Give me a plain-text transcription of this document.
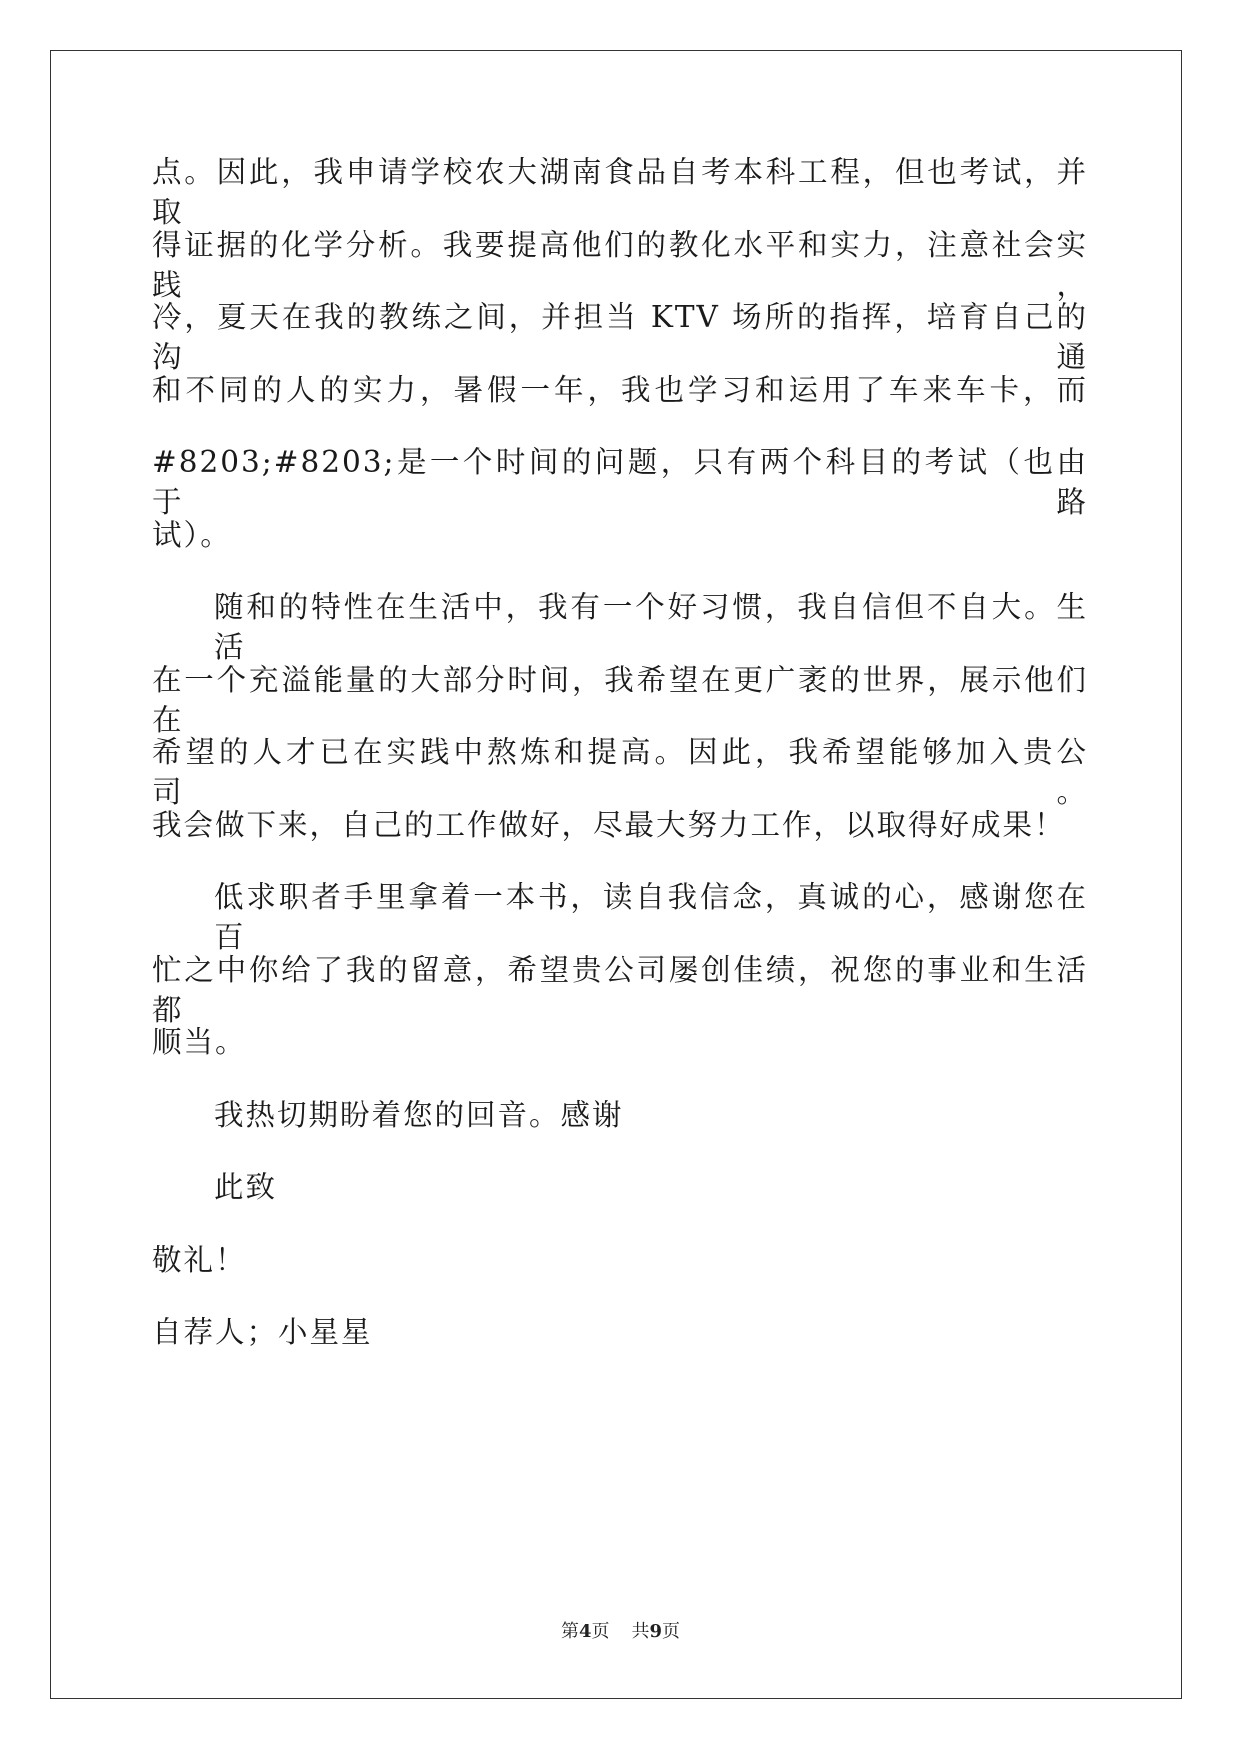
点。因此，我申请学校农大湖南食品自考本科工程，但也考试，并取
得证据的化学分析。我要提高他们的教化水平和实力，注意社会实践，
冷，夏天在我的教练之间，并担当 KTV 场所的指挥，培育自己的沟通
和不同的人的实力，暑假一年，我也学习和运用了车来车卡，而
#8203;#8203;是一个时间的问题，只有两个科目的考试（也由于路
试）。
随和的特性在生活中，我有一个好习惯，我自信但不自大。生活
在一个充溢能量的大部分时间，我希望在更广袤的世界，展示他们在
希望的人才已在实践中熬炼和提高。因此，我希望能够加入贵公司。
我会做下来，自己的工作做好，尽最大努力工作，以取得好成果！
低求职者手里拿着一本书，读自我信念，真诚的心，感谢您在百
忙之中你给了我的留意，希望贵公司屡创佳绩，祝您的事业和生活都
顺当。
我热切期盼着您的回音。感谢
此致
敬礼！
自荐人；小星星
第4页 共9页
